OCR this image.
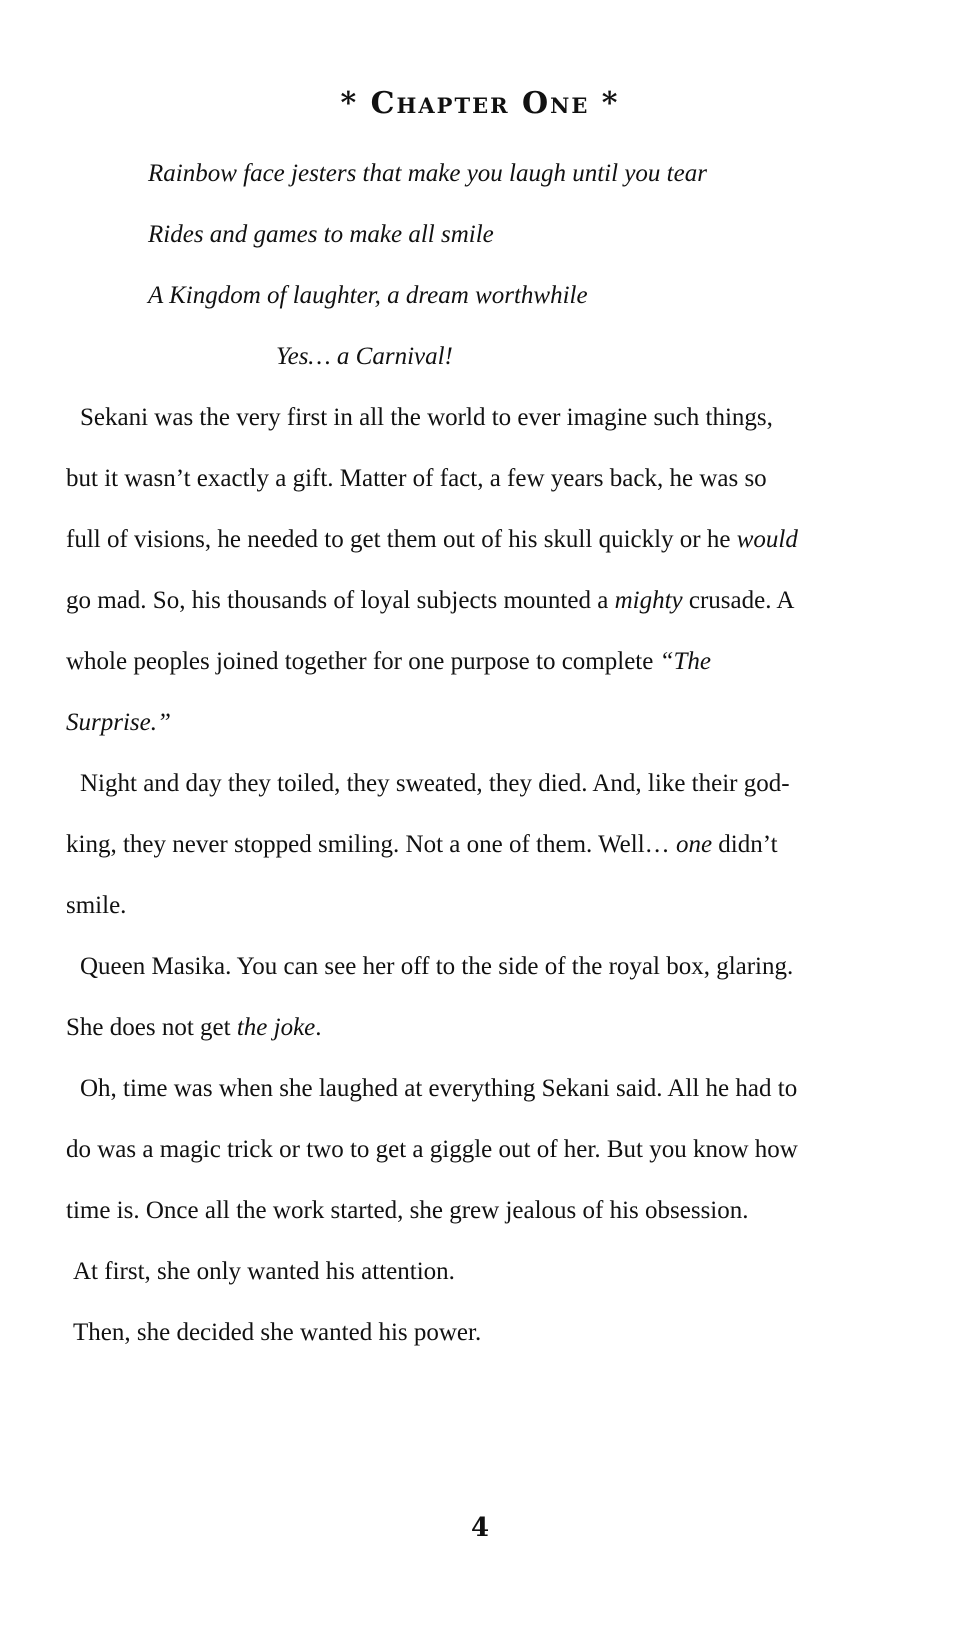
* Chapter One *
Rainbow face jesters that make you laugh until you tear
Rides and games to make all smile
A Kingdom of laughter, a dream worthwhile
Yes… a Carnival!
Sekani was the very first in all the world to ever imagine such things,
but it wasn’t exactly a gift. Matter of fact, a few years back, he was so
full of visions, he needed to get them out of his skull quickly or he would
go mad. So, his thousands of loyal subjects mounted a mighty crusade. A
whole peoples joined together for one purpose to complete “The
Surprise.”
Night and day they toiled, they sweated, they died. And, like their god-
king, they never stopped smiling. Not a one of them. Well… one didn’t
smile.
Queen Masika. You can see her off to the side of the royal box, glaring.
She does not get the joke.
Oh, time was when she laughed at everything Sekani said. All he had to
do was a magic trick or two to get a giggle out of her. But you know how
time is. Once all the work started, she grew jealous of his obsession.
At first, she only wanted his attention.
Then, she decided she wanted his power.
4
